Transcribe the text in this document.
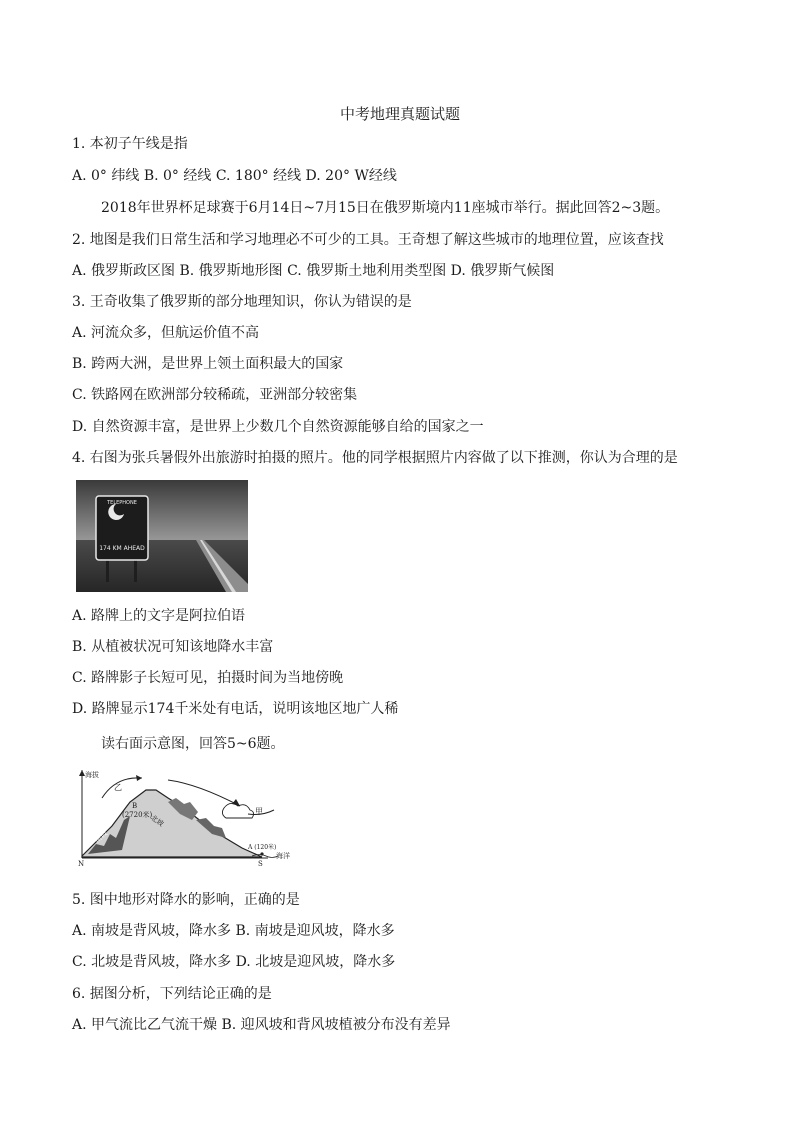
中考地理真题试题
1. 本初子午线是指
A. 0° 纬线 B. 0° 经线 C. 180° 经线 D. 20° W经线
2018年世界杯足球赛于6月14日~7月15日在俄罗斯境内11座城市举行。据此回答2~3题。
2. 地图是我们日常生活和学习地理必不可少的工具。王奇想了解这些城市的地理位置，应该查找
A. 俄罗斯政区图 B. 俄罗斯地形图 C. 俄罗斯土地利用类型图 D. 俄罗斯气候图
3. 王奇收集了俄罗斯的部分地理知识，你认为错误的是
A. 河流众多，但航运价值不高
B. 跨两大洲，是世界上领土面积最大的国家
C. 铁路网在欧洲部分较稀疏，亚洲部分较密集
D. 自然资源丰富，是世界上少数几个自然资源能够自给的国家之一
4. 右图为张兵暑假外出旅游时拍摄的照片。他的同学根据照片内容做了以下推测，你认为合理的是
TELEPHONE
174 KM AHEAD
A. 路牌上的文字是阿拉伯语
B. 从植被状况可知该地降水丰富
C. 路牌影子长短可见，拍摄时间为当地傍晚
D. 路牌显示174千米处有电话，说明该地区地广人稀
读右面示意图，回答5~6题。
海拔
乙
甲
B
(2720米)
南坡
北坡
A (120米)
海洋
N	S
5. 图中地形对降水的影响，正确的是
A. 南坡是背风坡，降水多 B. 南坡是迎风坡，降水多
C. 北坡是背风坡，降水多 D. 北坡是迎风坡，降水多
6. 据图分析，下列结论正确的是
A. 甲气流比乙气流干燥 B. 迎风坡和背风坡植被分布没有差异
